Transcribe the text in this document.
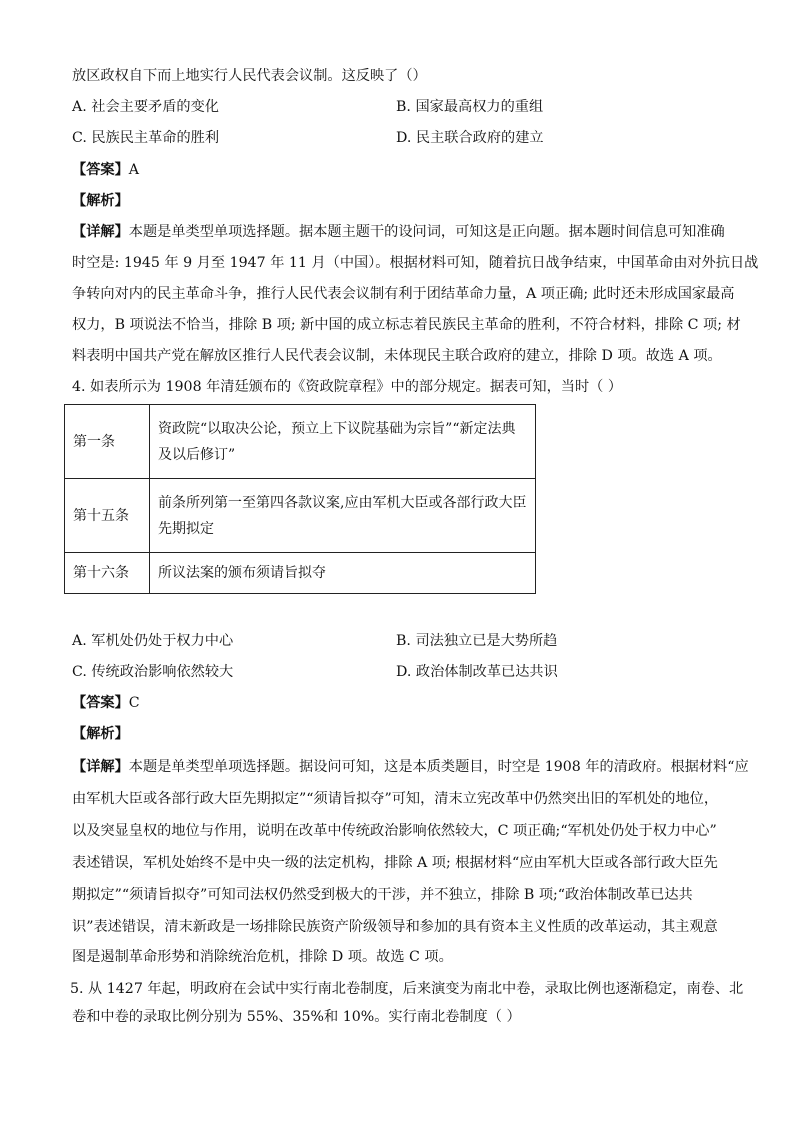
放区政权自下而上地实行人民代表会议制。这反映了（）
A. 社会主要矛盾的变化	B. 国家最高权力的重组
C. 民族民主革命的胜利	D. 民主联合政府的建立
【答案】A
【解析】
【详解】本题是单类型单项选择题。据本题主题干的设问词，可知这是正向题。据本题时间信息可知准确
时空是: 1945 年 9 月至 1947 年 11 月（中国）。根据材料可知，随着抗日战争结束，中国革命由对外抗日战
争转向对内的民主革命斗争，推行人民代表会议制有利于团结革命力量，A 项正确; 此时还未形成国家最高
权力，B 项说法不恰当，排除 B 项; 新中国的成立标志着民族民主革命的胜利，不符合材料，排除 C 项; 材
料表明中国共产党在解放区推行人民代表会议制，未体现民主联合政府的建立，排除 D 项。故选 A 项。
4. 如表所示为 1908 年清廷颁布的《资政院章程》中的部分规定。据表可知，当时（ ）
第一条	资政院“以取决公论，预立上下议院基础为宗旨”“新定法典
及以后修订”

第十五条	前条所列第一至第四各款议案,应由军机大臣或各部行政大臣
先期拟定

第十六条	所议法案的颁布须请旨拟夺
A. 军机处仍处于权力中心	B. 司法独立已是大势所趋
C. 传统政治影响依然较大	D. 政治体制改革已达共识
【答案】C
【解析】
【详解】本题是单类型单项选择题。据设问可知，这是本质类题目，时空是 1908 年的清政府。根据材料“应
由军机大臣或各部行政大臣先期拟定”“须请旨拟夺”可知，清末立宪改革中仍然突出旧的军机处的地位，
以及突显皇权的地位与作用，说明在改革中传统政治影响依然较大，C 项正确;“军机处仍处于权力中心”
表述错误，军机处始终不是中央一级的法定机构，排除 A 项; 根据材料“应由军机大臣或各部行政大臣先
期拟定”“须请旨拟夺”可知司法权仍然受到极大的干涉，并不独立，排除 B 项;“政治体制改革已达共
识”表述错误，清末新政是一场排除民族资产阶级领导和参加的具有资本主义性质的改革运动，其主观意
图是遏制革命形势和消除统治危机，排除 D 项。故选 C 项。
5. 从 1427 年起，明政府在会试中实行南北卷制度，后来演变为南北中卷，录取比例也逐渐稳定，南卷、北
卷和中卷的录取比例分别为 55%、35%和 10%。实行南北卷制度（ ）
